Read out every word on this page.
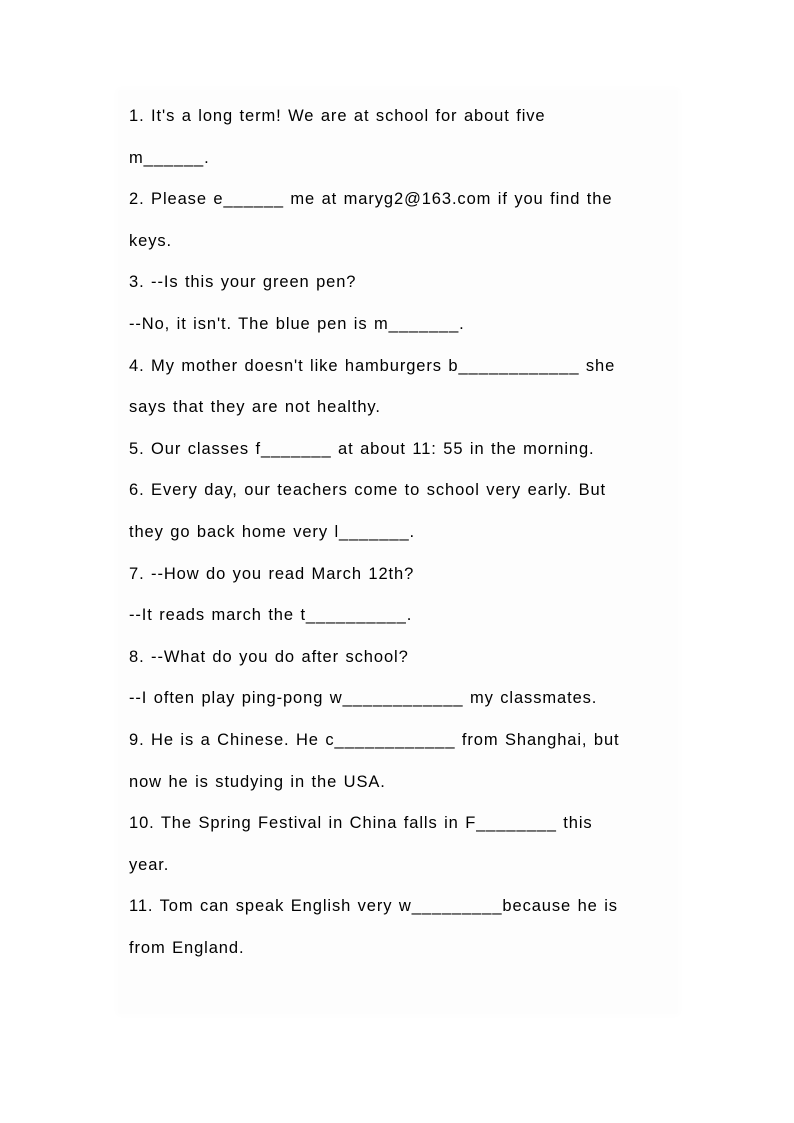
1. It's a long term! We are at school for about five
m______.
2. Please e______ me at maryg2@163.com if you find the
keys.
3. --Is this your green pen?
--No, it isn't. The blue pen is m_______.
4. My mother doesn't like hamburgers b____________ she
says that they are not healthy.
5. Our classes f_______ at about 11: 55 in the morning.
6. Every day, our teachers come to school very early. But
they go back home very l_______.
7. --How do you read March 12th?
--It reads march the t__________.
8. --What do you do after school?
--I often play ping-pong w____________ my classmates.
9. He is a Chinese. He c____________ from Shanghai, but
now he is studying in the USA.
10. The Spring Festival in China falls in F________ this
year.
11. Tom can speak English very w_________because he is
from England.
